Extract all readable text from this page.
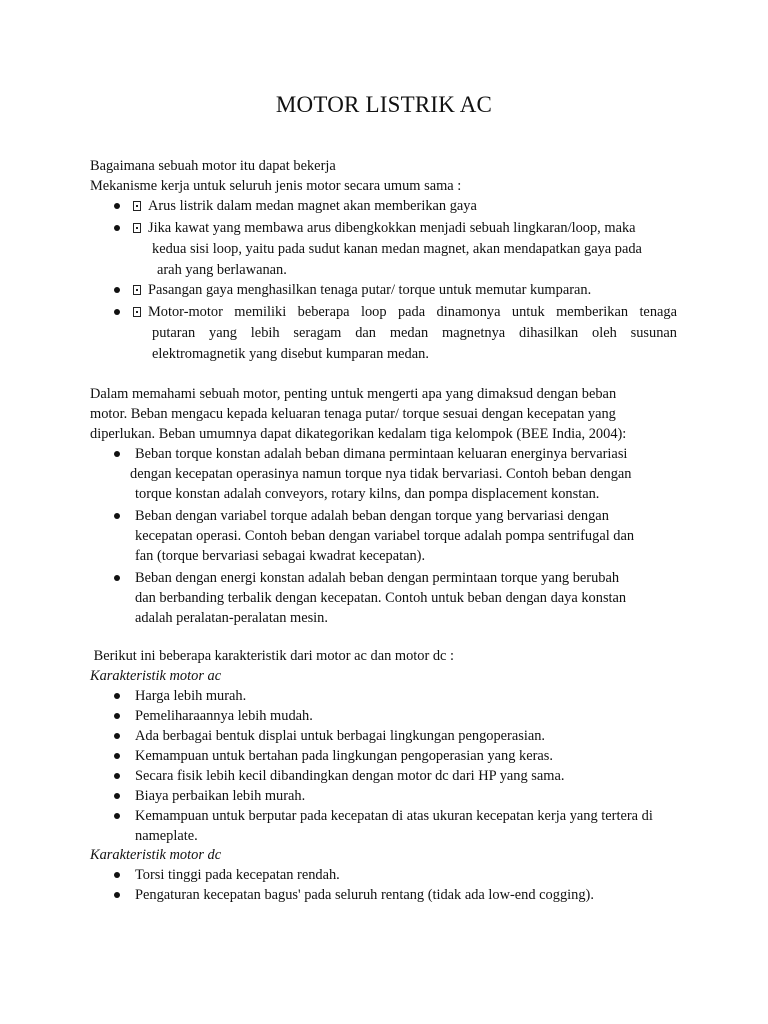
MOTOR LISTRIK AC
Bagaimana sebuah motor itu dapat bekerja
Mekanisme kerja untuk seluruh jenis motor secara umum sama :
Arus listrik dalam medan magnet akan memberikan gaya
Jika kawat yang membawa arus dibengkokkan menjadi sebuah lingkaran/loop, maka
kedua sisi loop, yaitu pada sudut kanan medan magnet, akan mendapatkan gaya pada
arah yang berlawanan.
Pasangan gaya menghasilkan tenaga putar/ torque untuk memutar kumparan.
Motor-motor memiliki beberapa loop pada dinamonya untuk memberikan tenaga
putaran yang lebih seragam dan medan magnetnya dihasilkan oleh susunan
elektromagnetik yang disebut kumparan medan.
Dalam memahami sebuah motor, penting untuk mengerti apa yang dimaksud dengan beban
motor. Beban mengacu kepada keluaran tenaga putar/ torque sesuai dengan kecepatan yang
diperlukan. Beban umumnya dapat dikategorikan kedalam tiga kelompok (BEE India, 2004):
Beban torque konstan adalah beban dimana permintaan keluaran energinya bervariasi
dengan kecepatan operasinya namun torque nya tidak bervariasi. Contoh beban dengan
torque konstan adalah conveyors, rotary kilns, dan pompa displacement konstan.
Beban dengan variabel torque adalah beban dengan torque yang bervariasi dengan
kecepatan operasi. Contoh beban dengan variabel torque adalah pompa sentrifugal dan
fan (torque bervariasi sebagai kwadrat kecepatan).
Beban dengan energi konstan adalah beban dengan permintaan torque yang berubah
dan berbanding terbalik dengan kecepatan. Contoh untuk beban dengan daya konstan
adalah peralatan-peralatan mesin.
Berikut ini beberapa karakteristik dari motor ac dan motor dc :
Karakteristik motor ac
Harga lebih murah.
Pemeliharaannya lebih mudah.
Ada berbagai bentuk displai untuk berbagai lingkungan pengoperasian.
Kemampuan untuk bertahan pada lingkungan pengoperasian yang keras.
Secara fisik lebih kecil dibandingkan dengan motor dc dari HP yang sama.
Biaya perbaikan lebih murah.
Kemampuan untuk berputar pada kecepatan di atas ukuran kecepatan kerja yang tertera di
nameplate.
Karakteristik motor dc
Torsi tinggi pada kecepatan rendah.
Pengaturan kecepatan bagus' pada seluruh rentang (tidak ada low-end cogging).
